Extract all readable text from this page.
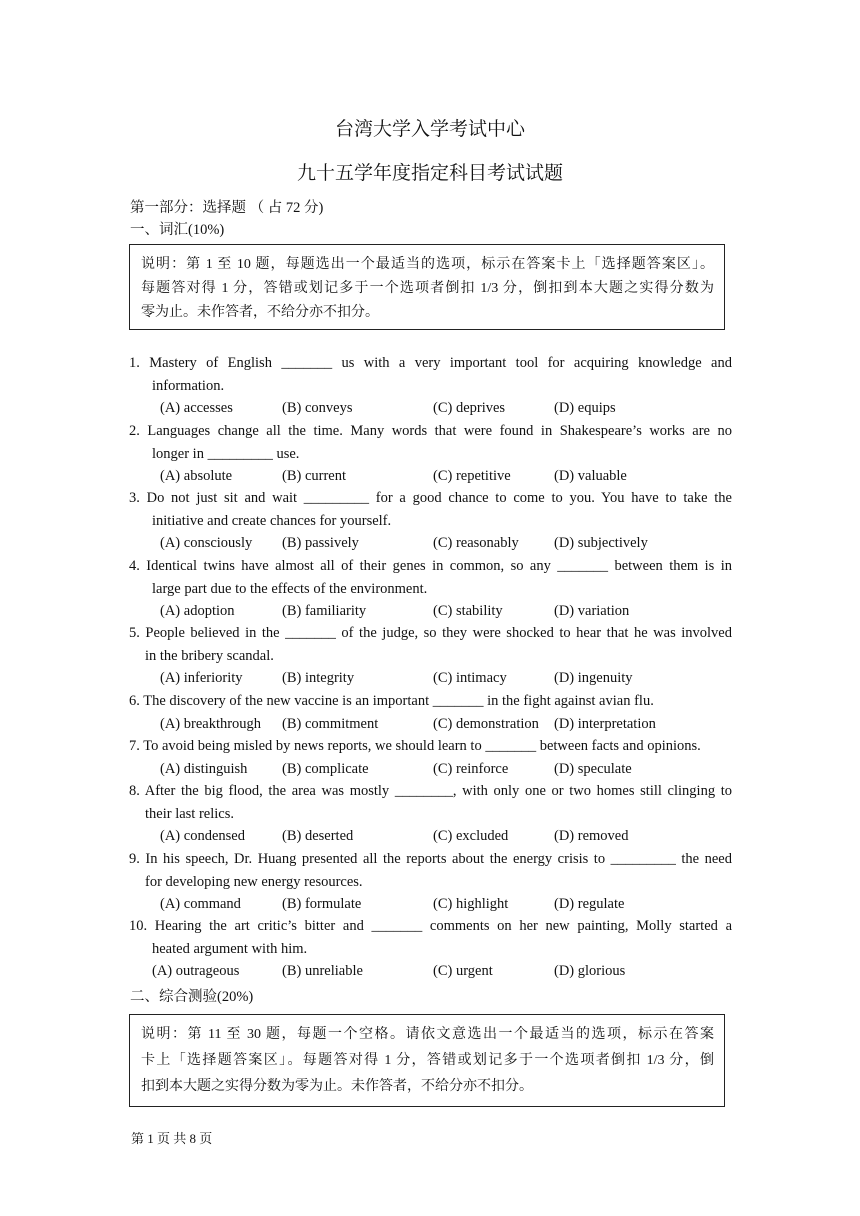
台湾大学入学考试中心
九十五学年度指定科目考试试题
第一部分：选择题 （ 占 72 分)
一、词汇(10%)
说明：第 1 至 10 题，每题选出一个最适当的选项，标示在答案卡上「选择题答案区」。
每题答对得 1 分，答错或划记多于一个选项者倒扣 1/3 分，倒扣到本大题之实得分数为
零为止。未作答者，不给分亦不扣分。
1. Mastery of English _______ us with a very important tool for acquiring knowledge and
information.
(A) accesses	(B) conveys	(C) deprives	(D) equips
2. Languages change all the time. Many words that were found in Shakespeare’s works are no
longer in _________ use.
(A) absolute	(B) current	(C) repetitive	(D) valuable
3. Do not just sit and wait _________ for a good chance to come to you. You have to take the
initiative and create chances for yourself.
(A) consciously (B) passively	(C) reasonably (D) subjectively
4. Identical twins have almost all of their genes in common, so any _______ between them is in
large part due to the effects of the environment.
(A) adoption	(B) familiarity	(C) stability	(D) variation
5. People believed in the _______ of the judge, so they were shocked to hear that he was involved
in the bribery scandal.
(A) inferiority	(B) integrity	(C) intimacy	(D) ingenuity
6. The discovery of the new vaccine is an important _______ in the fight against avian flu.
(A) breakthrough (B) commitment	(C) demonstration (D) interpretation
7. To avoid being misled by news reports, we should learn to _______ between facts and opinions.
(A) distinguish (B) complicate	(C) reinforce	(D) speculate
8. After the big flood, the area was mostly ________, with only one or two homes still clinging to
their last relics.
(A) condensed	(B) deserted	(C) excluded	(D) removed
9. In his speech, Dr. Huang presented all the reports about the energy crisis to _________ the need
for developing new energy resources.
(A) command	(B) formulate	(C) highlight	(D) regulate
10. Hearing the art critic’s bitter and _______ comments on her new painting, Molly started a
heated argument with him.
(A) outrageous	(B) unreliable	(C) urgent	(D) glorious
二、综合测验(20%)
说明：第 11 至 30 题，每题一个空格。请依文意选出一个最适当的选项，标示在答案
卡上「选择题答案区」。每题答对得 1 分，答错或划记多于一个选项者倒扣 1/3 分，倒
扣到本大题之实得分数为零为止。未作答者，不给分亦不扣分。
第 1 页 共 8 页
